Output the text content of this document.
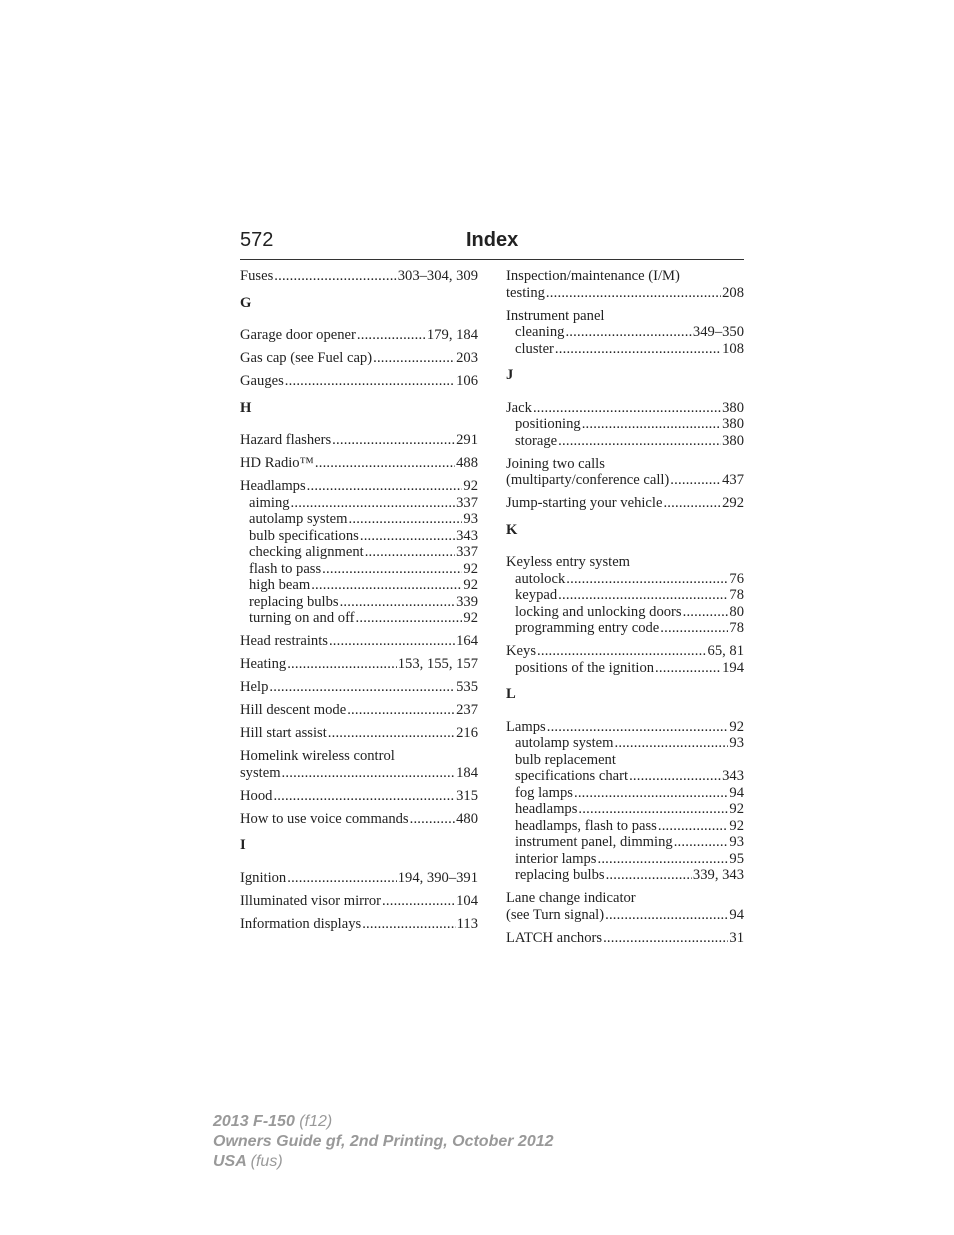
572	Index
Fuses .....	303–304, 309
G
Garage door opener .....	179, 184
Gas cap (see Fuel cap) .....	203
Gauges .....	106
H
Hazard flashers .....	291
HD Radio™ .....	488
Headlamps .....	92
aiming .....	337
autolamp system .....	93
bulb specifications .....	343
checking alignment .....	337
flash to pass .....	92
high beam .....	92
replacing bulbs .....	339
turning on and off .....	92
Head restraints .....	164
Heating .....	153, 155, 157
Help .....	535
Hill descent mode .....	237
Hill start assist .....	216
Homelink wireless control
system .....	184
Hood .....	315
How to use voice commands .....	480
I
Ignition .....	194, 390–391
Illuminated visor mirror .....	104
Information displays .....	113
Inspection/maintenance (I/M)
testing .....	208
Instrument panel
cleaning .....	349–350
cluster .....	108
J
Jack .....	380
positioning .....	380
storage .....	380
Joining two calls
(multiparty/conference call) .....	437
Jump-starting your vehicle .....	292
K
Keyless entry system
autolock .....	76
keypad .....	78
locking and unlocking doors .....	80
programming entry code .....	78
Keys .....	65, 81
positions of the ignition .....	194
L
Lamps .....	92
autolamp system .....	93
bulb replacement
specifications chart .....	343
fog lamps .....	94
headlamps .....	92
headlamps, flash to pass .....	92
instrument panel, dimming .....	93
interior lamps .....	95
replacing bulbs .....	339, 343
Lane change indicator
(see Turn signal) .....	94
LATCH anchors .....	31
2013 F-150 (f12)
Owners Guide gf, 2nd Printing, October 2012
USA (fus)
